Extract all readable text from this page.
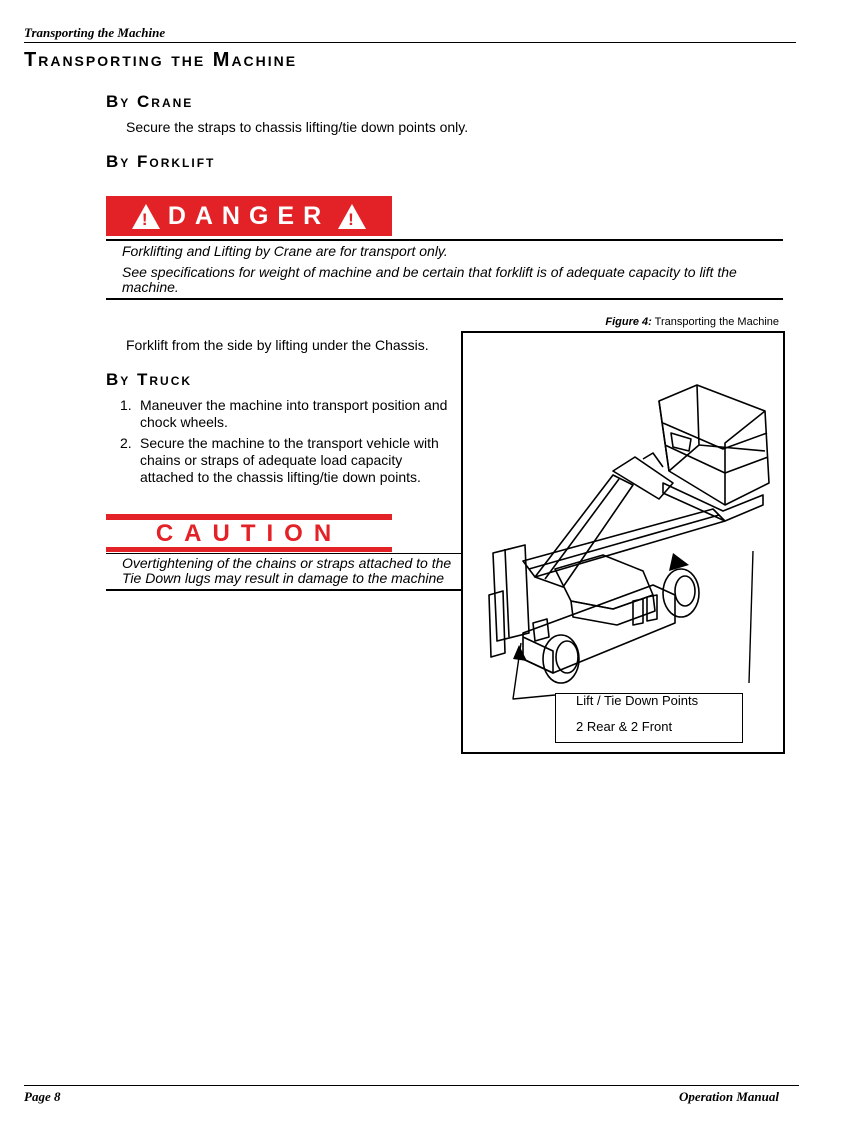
Transporting the Machine
Transporting the Machine
By Crane
Secure the straps to chassis lifting/tie down points only.
By Forklift
! DANGER !
Forklifting and Lifting by Crane are for transport only.
See specifications for weight of machine and be certain that forklift is of adequate capacity to lift the machine.
Figure 4: Transporting the Machine
Forklift from the side by lifting under the Chassis.
By Truck
1. Maneuver the machine into transport position and chock wheels.
2. Secure the machine to the transport vehicle with chains or straps of adequate load capacity attached to the chassis lifting/tie down points.
CAUTION
Overtightening of the chains or straps attached to the Tie Down lugs may result in damage to the machine
Lift / Tie Down Points
2 Rear & 2 Front
Page 8	Operation Manual
